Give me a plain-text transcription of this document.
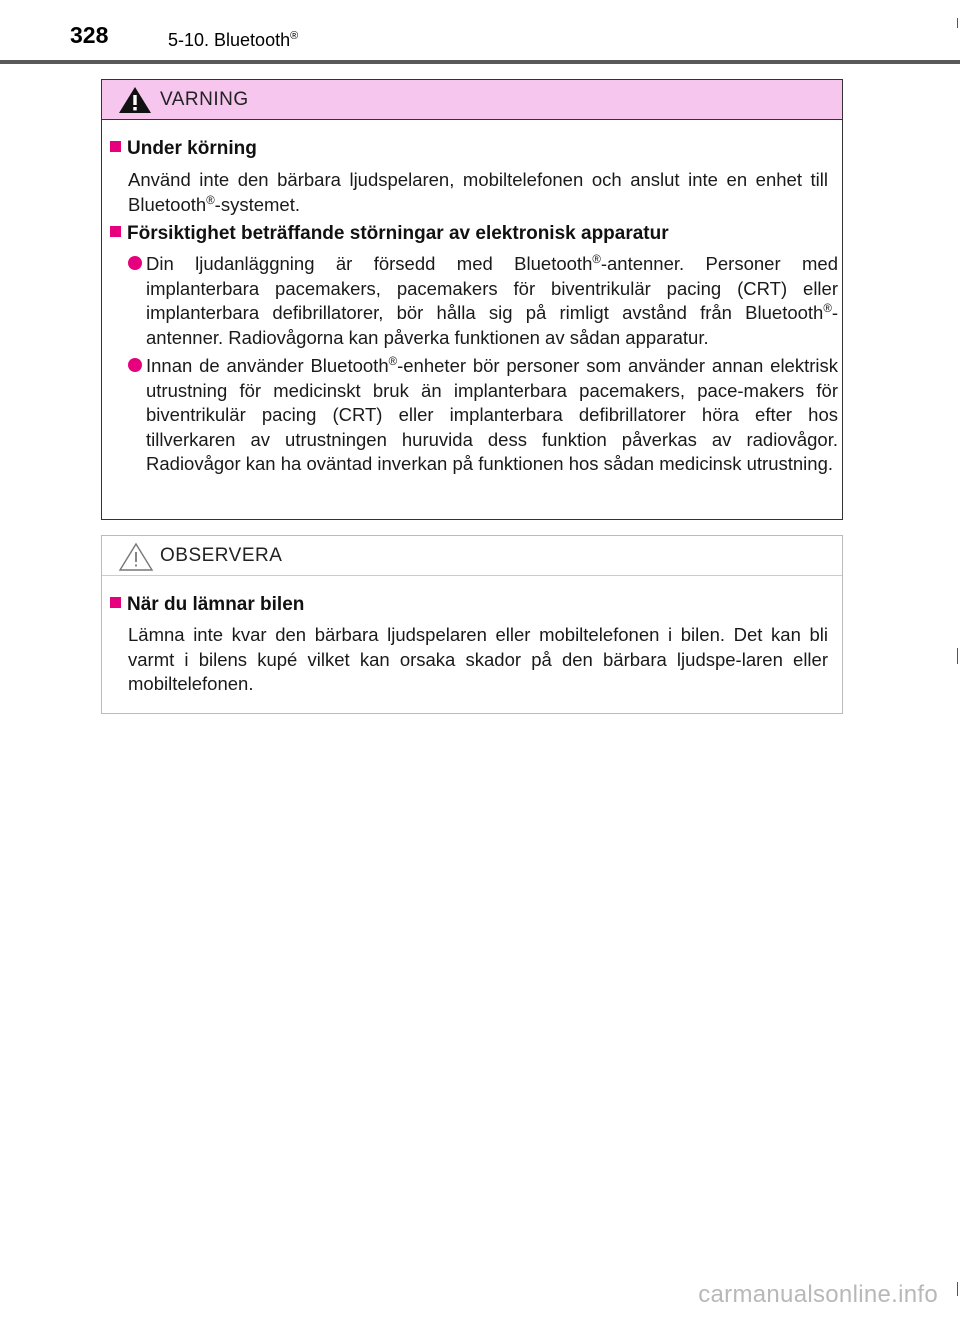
328	5-10. Bluetooth®
VARNING
Under körning
Använd inte den bärbara ljudspelaren, mobiltelefonen och anslut inte en enhet till Bluetooth®-systemet.
Försiktighet beträffande störningar av elektronisk apparatur
Din ljudanläggning är försedd med Bluetooth®-antenner. Personer med implanterbara pacemakers, pacemakers för biventrikulär pacing (CRT) eller implanterbara defibrillatorer, bör hålla sig på rimligt avstånd från Bluetooth®-antenner. Radiovågorna kan påverka funktionen av sådan apparatur.
Innan de använder Bluetooth®-enheter bör personer som använder annan elektrisk utrustning för medicinskt bruk än implanterbara pacemakers, pace-makers för biventrikulär pacing (CRT) eller implanterbara defibrillatorer höra efter hos tillverkaren av utrustningen huruvida dess funktion påverkas av radiovågor. Radiovågor kan ha oväntad inverkan på funktionen hos sådan medicinsk utrustning.
OBSERVERA
När du lämnar bilen
Lämna inte kvar den bärbara ljudspelaren eller mobiltelefonen i bilen. Det kan bli varmt i bilens kupé vilket kan orsaka skador på den bärbara ljudspe-laren eller mobiltelefonen.
carmanualsonline.info
